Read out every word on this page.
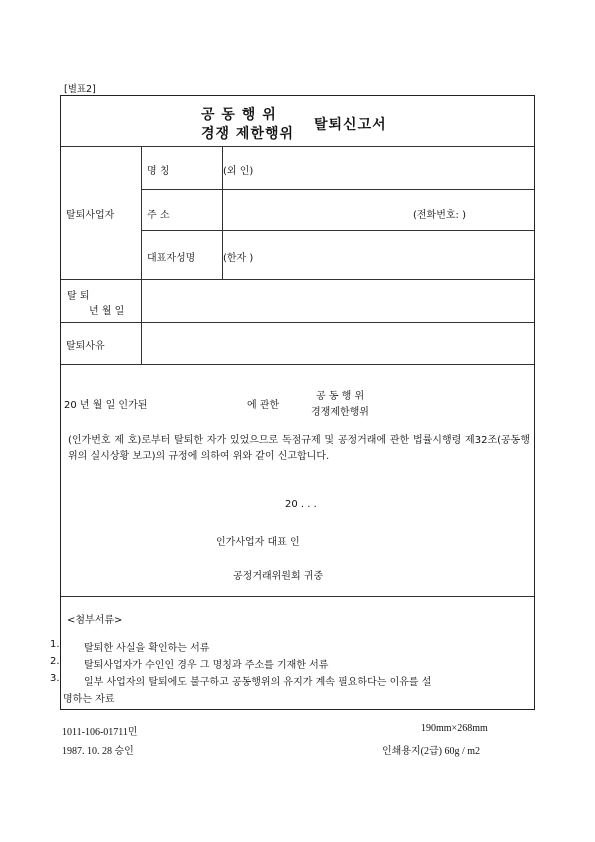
[별표2]
공 동 행 위
경쟁 제한행위
탈퇴신고서
탈퇴사업자
명 칭	(외 인)
주 소	(전화번호: )
대표자성명	(한자 )
탈 퇴
년 월 일
탈퇴사유
20 년 월 일 인가된	에 관한
공 동 행 위
경쟁제한행위
(인가번호 제 호)로부터 탈퇴한 자가 있었으므로 독점규제 및 공정거래에 관한 법률시행령 제32조(공동행위의 실시상황 보고)의 규정에 의하여 위와 같이 신고합니다.
20 . . .
인가사업자 대표 인
공정거래위원회 귀중
<첨부서류>
1. 탈퇴한 사실을 확인하는 서류
2. 탈퇴사업자가 수인인 경우 그 명칭과 주소를 기재한 서류
3. 일부 사업자의 탈퇴에도 불구하고 공동행위의 유지가 계속 필요하다는 이유를 설
명하는 자료
1011-106-01711민
1987. 10. 28 승인
190mm×268mm
인쇄용지(2급) 60g / m2
